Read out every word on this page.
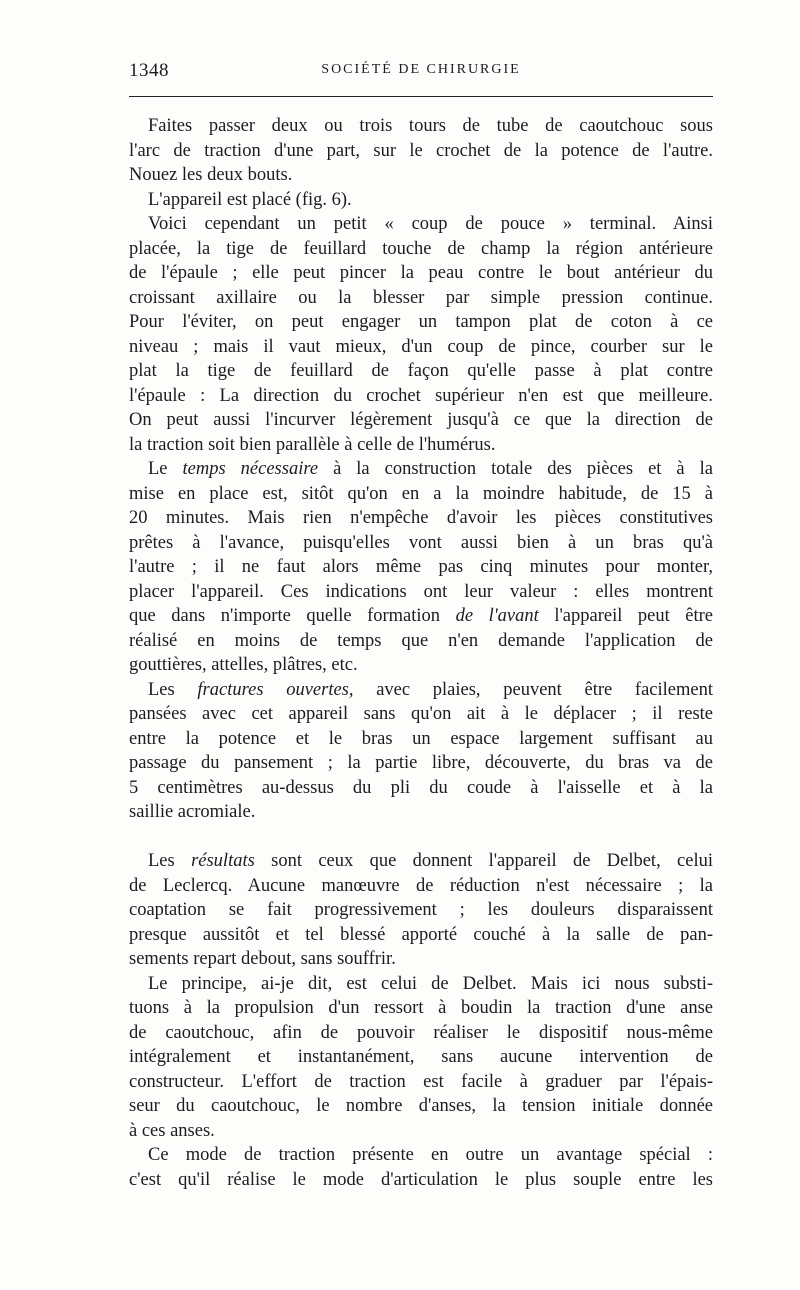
1348	SOCIÉTÉ DE CHIRURGIE
Faites passer deux ou trois tours de tube de caoutchouc sous
l'arc de traction d'une part, sur le crochet de la potence de l'autre.
Nouez les deux bouts.
L'appareil est placé (fig. 6).
Voici cependant un petit « coup de pouce » terminal. Ainsi
placée, la tige de feuillard touche de champ la région antérieure
de l'épaule ; elle peut pincer la peau contre le bout antérieur du
croissant axillaire ou la blesser par simple pression continue.
Pour l'éviter, on peut engager un tampon plat de coton à ce
niveau ; mais il vaut mieux, d'un coup de pince, courber sur le
plat la tige de feuillard de façon qu'elle passe à plat contre
l'épaule : La direction du crochet supérieur n'en est que meilleure.
On peut aussi l'incurver légèrement jusqu'à ce que la direction de
la traction soit bien parallèle à celle de l'humérus.
Le temps nécessaire à la construction totale des pièces et à la
mise en place est, sitôt qu'on en a la moindre habitude, de 15 à
20 minutes. Mais rien n'empêche d'avoir les pièces constitutives
prêtes à l'avance, puisqu'elles vont aussi bien à un bras qu'à
l'autre ; il ne faut alors même pas cinq minutes pour monter,
placer l'appareil. Ces indications ont leur valeur : elles montrent
que dans n'importe quelle formation de l'avant l'appareil peut être
réalisé en moins de temps que n'en demande l'application de
gouttières, attelles, plâtres, etc.
Les fractures ouvertes, avec plaies, peuvent être facilement
pansées avec cet appareil sans qu'on ait à le déplacer ; il reste
entre la potence et le bras un espace largement suffisant au
passage du pansement ; la partie libre, découverte, du bras va de
5 centimètres au-dessus du pli du coude à l'aisselle et à la
saillie acromiale.
Les résultats sont ceux que donnent l'appareil de Delbet, celui
de Leclercq. Aucune manœuvre de réduction n'est nécessaire ; la
coaptation se fait progressivement ; les douleurs disparaissent
presque aussitôt et tel blessé apporté couché à la salle de pan-
sements repart debout, sans souffrir.
Le principe, ai-je dit, est celui de Delbet. Mais ici nous substi-
tuons à la propulsion d'un ressort à boudin la traction d'une anse
de caoutchouc, afin de pouvoir réaliser le dispositif nous-même
intégralement et instantanément, sans aucune intervention de
constructeur. L'effort de traction est facile à graduer par l'épais-
seur du caoutchouc, le nombre d'anses, la tension initiale donnée
à ces anses.
Ce mode de traction présente en outre un avantage spécial :
c'est qu'il réalise le mode d'articulation le plus souple entre les
